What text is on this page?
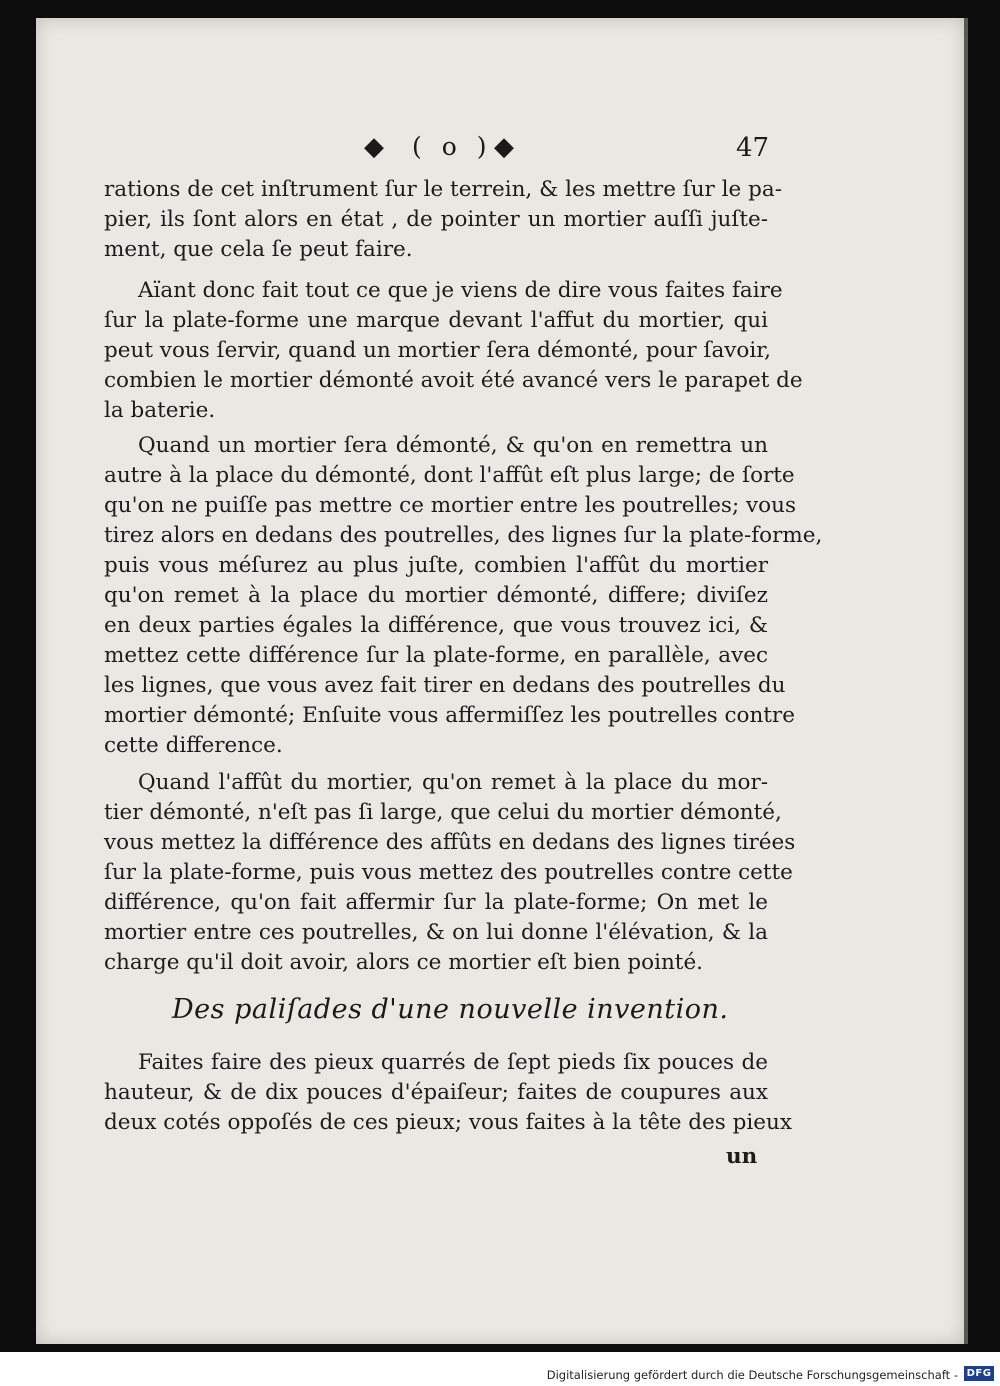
◆ ( o ) ◆	47
rations de cet inſtrument ſur le terrein, & les mettre ſur le pa-
pier, ils ſont alors en état , de pointer un mortier auſſi juſte-
ment, que cela ſe peut faire.
Aïant donc fait tout ce que je viens de dire vous faites faire
ſur la plate-forme une marque devant l'affut du mortier, qui
peut vous ſervir, quand un mortier ſera démonté, pour ſavoir,
combien le mortier démonté avoit été avancé vers le parapet de
la baterie.
Quand un mortier ſera démonté, & qu'on en remettra un
autre à la place du démonté, dont l'affût eſt plus large; de ſorte
qu'on ne puiſſe pas mettre ce mortier entre les poutrelles; vous
tirez alors en dedans des poutrelles, des lignes ſur la plate-forme,
puis vous méſurez au plus juſte, combien l'affût du mortier
qu'on remet à la place du mortier démonté, differe; diviſez
en deux parties égales la différence, que vous trouvez ici, &
mettez cette différence ſur la plate-forme, en parallèle, avec
les lignes, que vous avez fait tirer en dedans des poutrelles du
mortier démonté; Enſuite vous affermiſſez les poutrelles contre
cette difference.
Quand l'affût du mortier, qu'on remet à la place du mor-
tier démonté, n'eſt pas ſi large, que celui du mortier démonté,
vous mettez la différence des affûts en dedans des lignes tirées
ſur la plate-forme, puis vous mettez des poutrelles contre cette
différence, qu'on fait affermir ſur la plate-forme; On met le
mortier entre ces poutrelles, & on lui donne l'élévation, & la
charge qu'il doit avoir, alors ce mortier eſt bien pointé.
Des paliſades d'une nouvelle invention.
Faites faire des pieux quarrés de ſept pieds ſix pouces de
hauteur, & de dix pouces d'épaiſeur; faites de coupures aux
deux cotés oppoſés de ces pieux; vous faites à la tête des pieux
un
Digitalisierung gefördert durch die Deutsche Forschungsgemeinschaft - DFG
